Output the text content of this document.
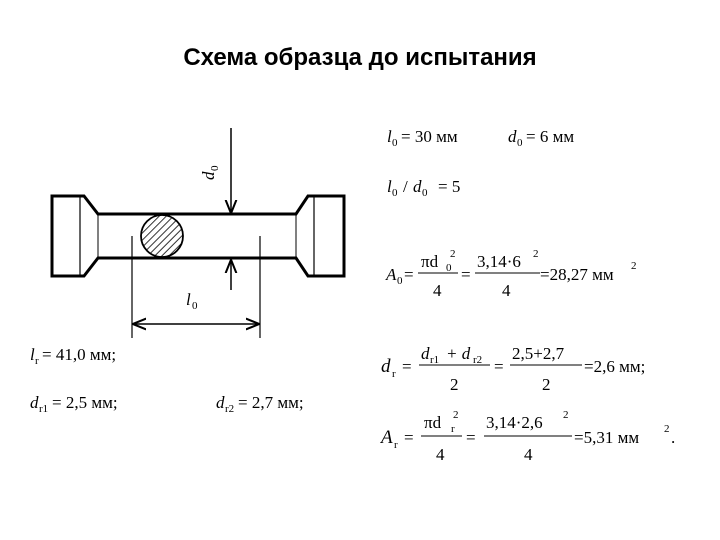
Схема образца до испытания
d
0
l 0
l 0 = 30 мм	d 0 = 6 мм
l 0 / d 0 = 5
A 0 =
πd 2
0
4
=
3,14·6 2
4
=28,27 мм 2
l r = 41,0 мм;
d r1 = 2,5 мм;	d r2 = 2,7 мм;
d r =
d r1 + d r2
2
=
2,5+2,7
2
=2,6 мм;
A r =
πd 2
r
4
=
3,14·2,6 2
4
=5,31 мм 2 .
